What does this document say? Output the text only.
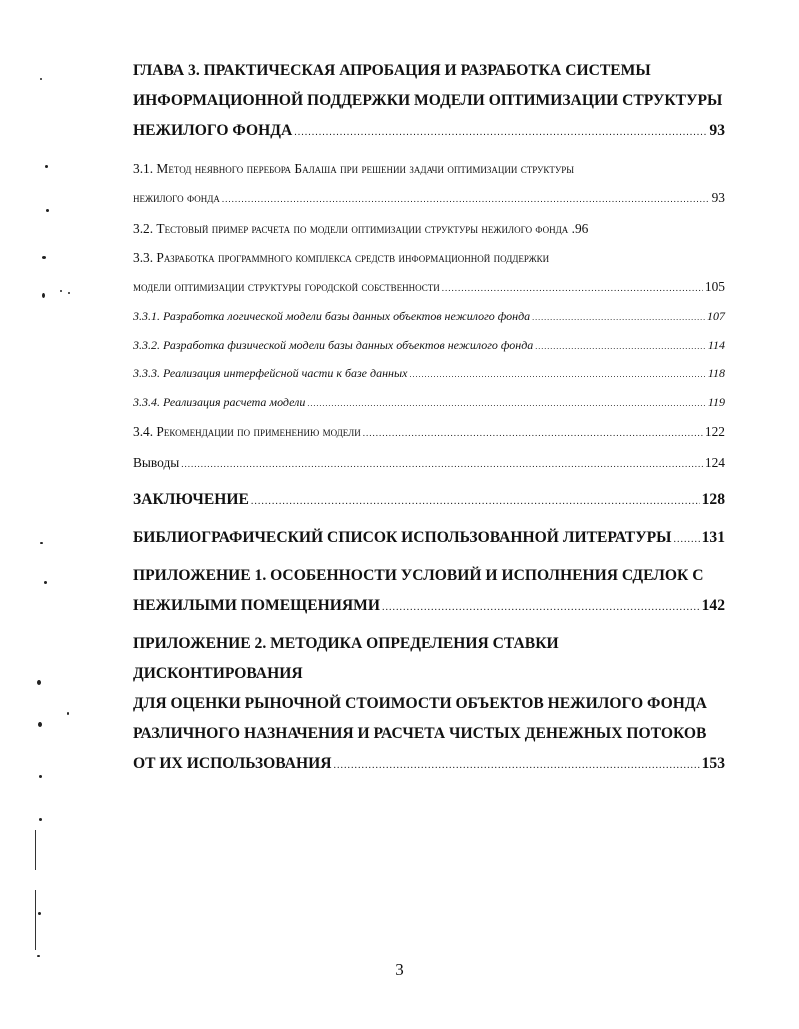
ГЛАВА 3. ПРАКТИЧЕСКАЯ АПРОБАЦИЯ И РАЗРАБОТКА СИСТЕМЫ
ИНФОРМАЦИОННОЙ ПОДДЕРЖКИ МОДЕЛИ ОПТИМИЗАЦИИ СТРУКТУРЫ
НЕЖИЛОГО ФОНДА .....	93
3.1. Метод неявного перебора Балаша при решении задачи оптимизации структуры
нежилого фонда .....	93
3.2. Тестовый пример расчета по модели оптимизации структуры нежилого фонда . 96
3.3. Разработка программного комплекса средств информационной поддержки
модели оптимизации структуры городской собственности .....	105
3.3.1. Разработка логической модели базы данных объектов нежилого фонда .....	107
3.3.2. Разработка физической модели базы данных объектов нежилого фонда .....	114
3.3.3. Реализация интерфейсной части к базе данных .....	118
3.3.4. Реализация расчета модели .....	119
3.4. Рекомендации по применению модели .....	122
Выводы .....	124
ЗАКЛЮЧЕНИЕ .....	128
БИБЛИОГРАФИЧЕСКИЙ СПИСОК ИСПОЛЬЗОВАННОЙ ЛИТЕРАТУРЫ ..... 131
ПРИЛОЖЕНИЕ 1. ОСОБЕННОСТИ УСЛОВИЙ И ИСПОЛНЕНИЯ СДЕЛОК С
НЕЖИЛЫМИ ПОМЕЩЕНИЯМИ .....	142
ПРИЛОЖЕНИЕ 2. МЕТОДИКА ОПРЕДЕЛЕНИЯ СТАВКИ ДИСКОНТИРОВАНИЯ
ДЛЯ ОЦЕНКИ РЫНОЧНОЙ СТОИМОСТИ ОБЪЕКТОВ НЕЖИЛОГО ФОНДА
РАЗЛИЧНОГО НАЗНАЧЕНИЯ И РАСЧЕТА ЧИСТЫХ ДЕНЕЖНЫХ ПОТОКОВ
ОТ ИХ ИСПОЛЬЗОВАНИЯ .....	153
3
